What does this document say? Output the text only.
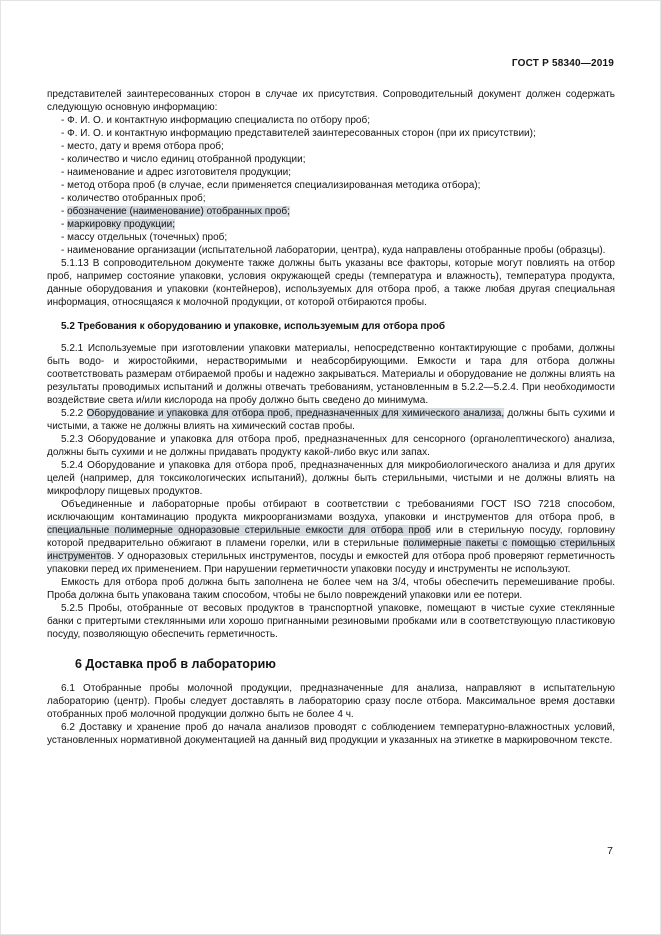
ГОСТ Р 58340—2019

представителей заинтересованных сторон в случае их присутствия. Сопроводительный документ должен содержать следующую основную информацию:

- Ф. И. О. и контактную информацию специалиста по отбору проб;

- Ф. И. О. и контактную информацию представителей заинтересованных сторон (при их присутствии);

- место, дату и время отбора проб;

- количество и число единиц отобранной продукции;

- наименование и адрес изготовителя продукции;

- метод отбора проб (в случае, если применяется специализированная методика отбора);

- количество отобранных проб;

- обозначение (наименование) отобранных проб;

- маркировку продукции;

- массу отдельных (точечных) проб;

- наименование организации (испытательной лаборатории, центра), куда направлены отобранные пробы (образцы).

5.1.13 В сопроводительном документе также должны быть указаны все факторы, которые могут повлиять на отбор проб, например состояние упаковки, условия окружающей среды (температура и влажность), температура продукта, данные оборудования и упаковки (контейнеров), используемых для отбора проб, а также любая другая специальная информация, относящаяся к молочной продукции, от которой отбираются пробы.

5.2 Требования к оборудованию и упаковке, используемым для отбора проб

5.2.1 Используемые при изготовлении упаковки материалы, непосредственно контактирующие с пробами, должны быть водо- и жиростойкими, нерастворимыми и неабсорбирующими. Емкости и тара для отбора должны соответствовать размерам отбираемой пробы и надежно закрываться. Материалы и оборудование не должны влиять на результаты проводимых испытаний и должны отвечать требованиям, установленным в 5.2.2—5.2.4. При необходимости воздействие света и/или кислорода на пробу должно быть сведено до минимума.

5.2.2 Оборудование и упаковка для отбора проб, предназначенных для химического анализа, должны быть сухими и чистыми, а также не должны влиять на химический состав пробы.

5.2.3 Оборудование и упаковка для отбора проб, предназначенных для сенсорного (органолептического) анализа, должны быть сухими и не должны придавать продукту какой-либо вкус или запах.

5.2.4 Оборудование и упаковка для отбора проб, предназначенных для микробиологического анализа и для других целей (например, для токсикологических испытаний), должны быть стерильными, чистыми и не должны влиять на микрофлору пищевых продуктов.

Объединенные и лабораторные пробы отбирают в соответствии с требованиями ГОСТ ISO 7218 способом, исключающим контаминацию продукта микроорганизмами воздуха, упаковки и инструментов для отбора проб, в специальные полимерные одноразовые стерильные емкости для отбора проб или в стерильную посуду, горловину которой предварительно обжигают в пламени горелки, или в стерильные полимерные пакеты с помощью стерильных инструментов. У одноразовых стерильных инструментов, посуды и емкостей для отбора проб проверяют герметичность упаковки перед их применением. При нарушении герметичности упаковки посуду и инструменты не используют.

Емкость для отбора проб должна быть заполнена не более чем на 3/4, чтобы обеспечить перемешивание пробы. Проба должна быть упакована таким способом, чтобы не было повреждений упаковки или ее потери.

5.2.5 Пробы, отобранные от весовых продуктов в транспортной упаковке, помещают в чистые сухие стеклянные банки с притертыми стеклянными или хорошо пригнанными резиновыми пробками или в соответствующую пластиковую посуду, позволяющую обеспечить герметичность.

6 Доставка проб в лабораторию

6.1 Отобранные пробы молочной продукции, предназначенные для анализа, направляют в испытательную лабораторию (центр). Пробы следует доставлять в лабораторию сразу после отбора. Максимальное время доставки отобранных проб молочной продукции должно быть не более 4 ч.

6.2 Доставку и хранение проб до начала анализов проводят с соблюдением температурно-влажностных условий, установленных нормативной документацией на данный вид продукции и указанных на этикетке в маркировочном тексте.

7
